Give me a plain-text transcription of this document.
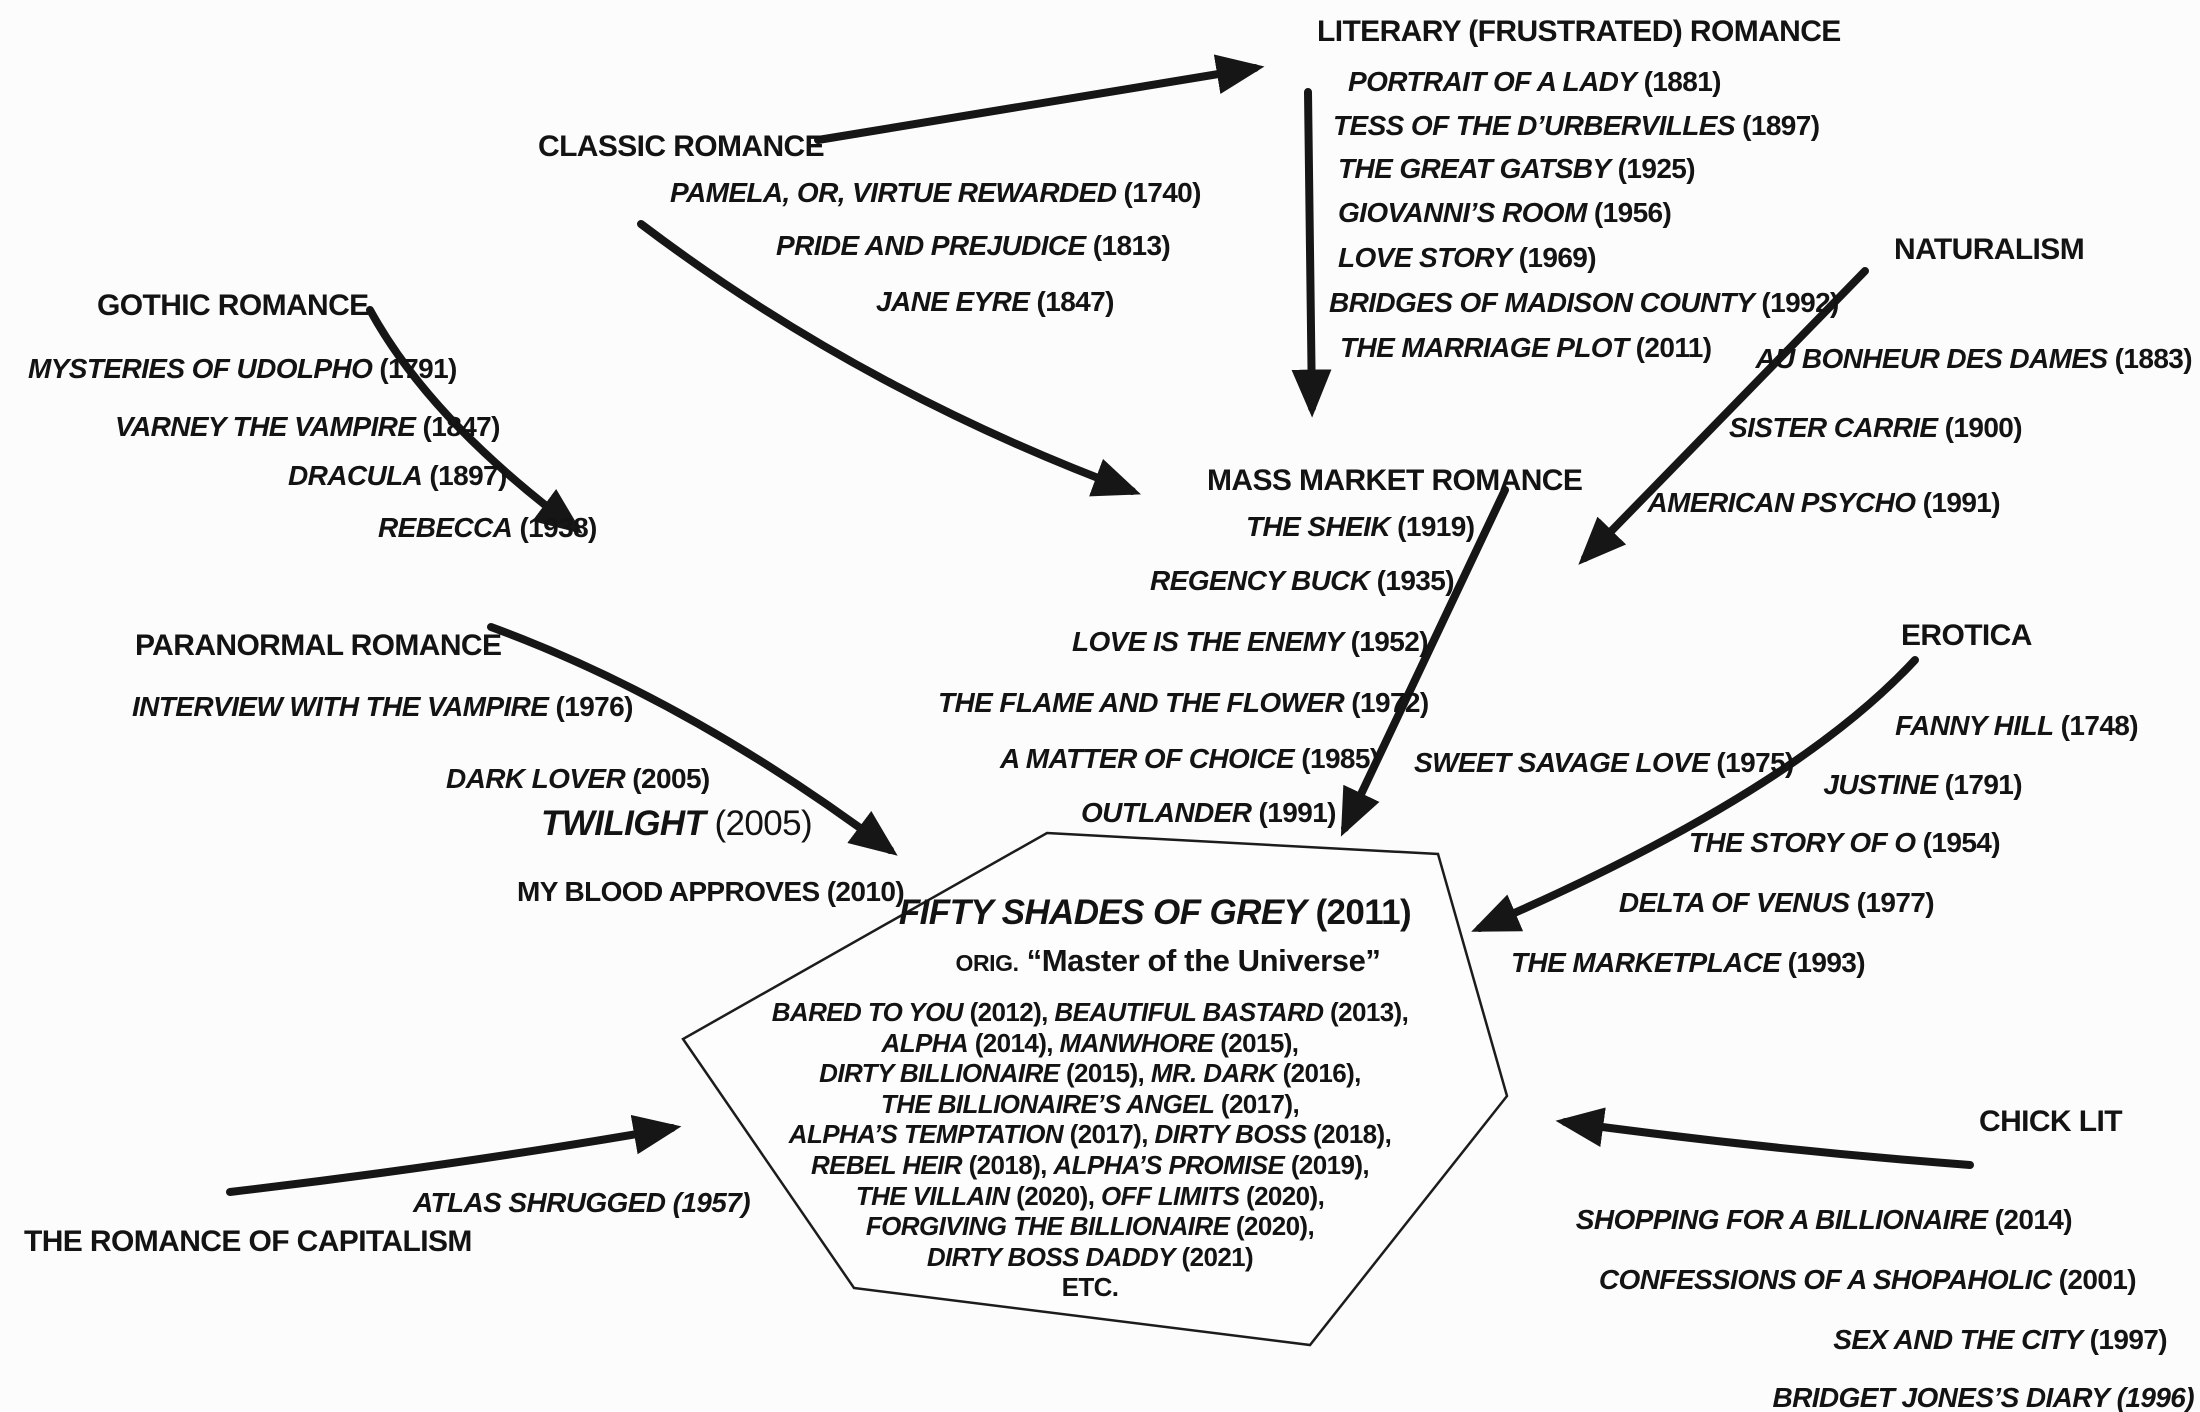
FIFTY SHADES OF GREY (2011)
ORIG. “Master of the Universe”
BARED TO YOU (2012), BEAUTIFUL BASTARD (2013),
ALPHA (2014), MANWHORE (2015),
DIRTY BILLIONAIRE (2015), MR. DARK (2016),
THE BILLIONAIRE’S ANGEL (2017),
ALPHA’S TEMPTATION (2017), DIRTY BOSS (2018),
REBEL HEIR (2018), ALPHA’S PROMISE (2019),
THE VILLAIN (2020), OFF LIMITS (2020),
FORGIVING THE BILLIONAIRE (2020),
DIRTY BOSS DADDY (2021)
ETC.
GOTHIC ROMANCE
MYSTERIES OF UDOLPHO (1791)
VARNEY THE VAMPIRE (1847)
DRACULA (1897)
REBECCA (1938)
CLASSIC ROMANCE
PAMELA, OR, VIRTUE REWARDED (1740)
PRIDE AND PREJUDICE (1813)
JANE EYRE (1847)
LITERARY (FRUSTRATED) ROMANCE
PORTRAIT OF A LADY (1881)
TESS OF THE D’URBERVILLES (1897)
THE GREAT GATSBY (1925)
GIOVANNI’S ROOM (1956)
LOVE STORY (1969)
BRIDGES OF MADISON COUNTY (1992)
THE MARRIAGE PLOT (2011)
NATURALISM
AU BONHEUR DES DAMES (1883)
SISTER CARRIE (1900)
AMERICAN PSYCHO (1991)
MASS MARKET ROMANCE
THE SHEIK (1919)
REGENCY BUCK (1935)
LOVE IS THE ENEMY (1952)
THE FLAME AND THE FLOWER (1972)
A MATTER OF CHOICE (1985)
OUTLANDER (1991)
SWEET SAVAGE LOVE (1975)
PARANORMAL ROMANCE
INTERVIEW WITH THE VAMPIRE (1976)
DARK LOVER (2005)
TWILIGHT (2005)
MY BLOOD APPROVES (2010)
EROTICA
FANNY HILL (1748)
JUSTINE (1791)
THE STORY OF O (1954)
DELTA OF VENUS (1977)
THE MARKETPLACE (1993)
CHICK LIT
SHOPPING FOR A BILLIONAIRE (2014)
CONFESSIONS OF A SHOPAHOLIC (2001)
SEX AND THE CITY (1997)
BRIDGET JONES’S DIARY (1996)
THE ROMANCE OF CAPITALISM
ATLAS SHRUGGED (1957)
